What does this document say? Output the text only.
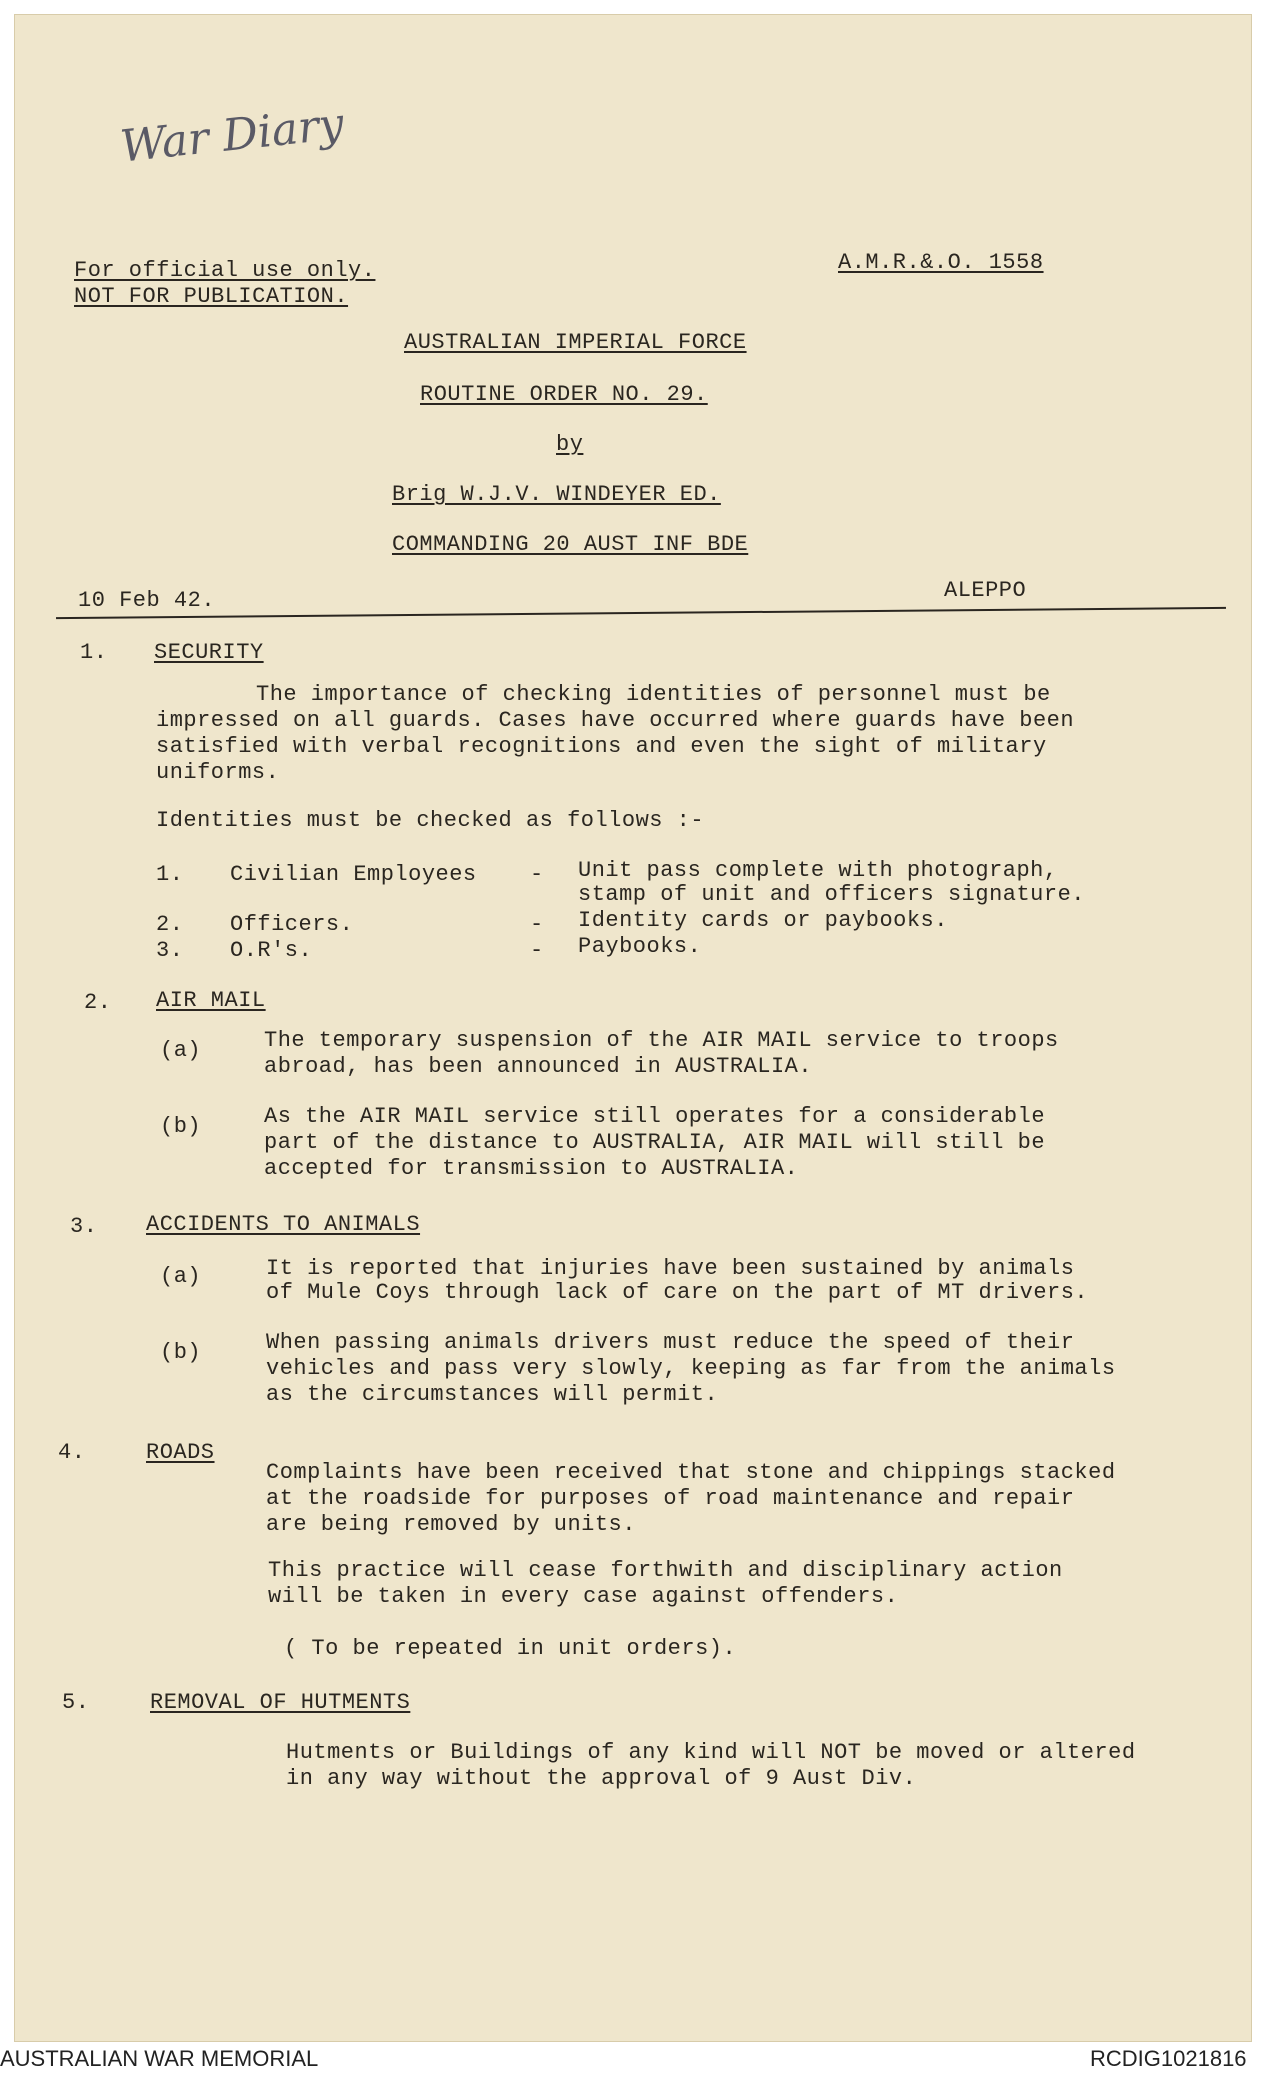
War Diary
For official use only.
NOT FOR PUBLICATION.
A.M.R.&.O. 1558
AUSTRALIAN IMPERIAL FORCE
ROUTINE ORDER NO. 29.
by
Brig W.J.V. WINDEYER ED.
COMMANDING 20 AUST INF BDE
10 Feb 42.	ALEPPO
1. SECURITY
The importance of checking identities of personnel must be
impressed on all guards. Cases have occurred where guards have been
satisfied with verbal recognitions and even the sight of military
uniforms.
Identities must be checked as follows :-
1. Civilian Employees - Unit pass complete with photograph,
stamp of unit and officers signature.
2. Officers.	- Identity cards or paybooks.
3. O.R's.	- Paybooks.
2. AIR MAIL
(a)	The temporary suspension of the AIR MAIL service to troops
abroad, has been announced in AUSTRALIA.
(b)	As the AIR MAIL service still operates for a considerable
part of the distance to AUSTRALIA, AIR MAIL will still be
accepted for transmission to AUSTRALIA.
3. ACCIDENTS TO ANIMALS
(a)	It is reported that injuries have been sustained by animals
of Mule Coys through lack of care on the part of MT drivers.
(b)	When passing animals drivers must reduce the speed of their
vehicles and pass very slowly, keeping as far from the animals
as the circumstances will permit.
4.	ROADS
Complaints have been received that stone and chippings stacked
at the roadside for purposes of road maintenance and repair
are being removed by units.
This practice will cease forthwith and disciplinary action
will be taken in every case against offenders.
( To be repeated in unit orders).
5.	REMOVAL OF HUTMENTS
Hutments or Buildings of any kind will NOT be moved or altered
in any way without the approval of 9 Aust Div.
AUSTRALIAN WAR MEMORIAL	RCDIG1021816
